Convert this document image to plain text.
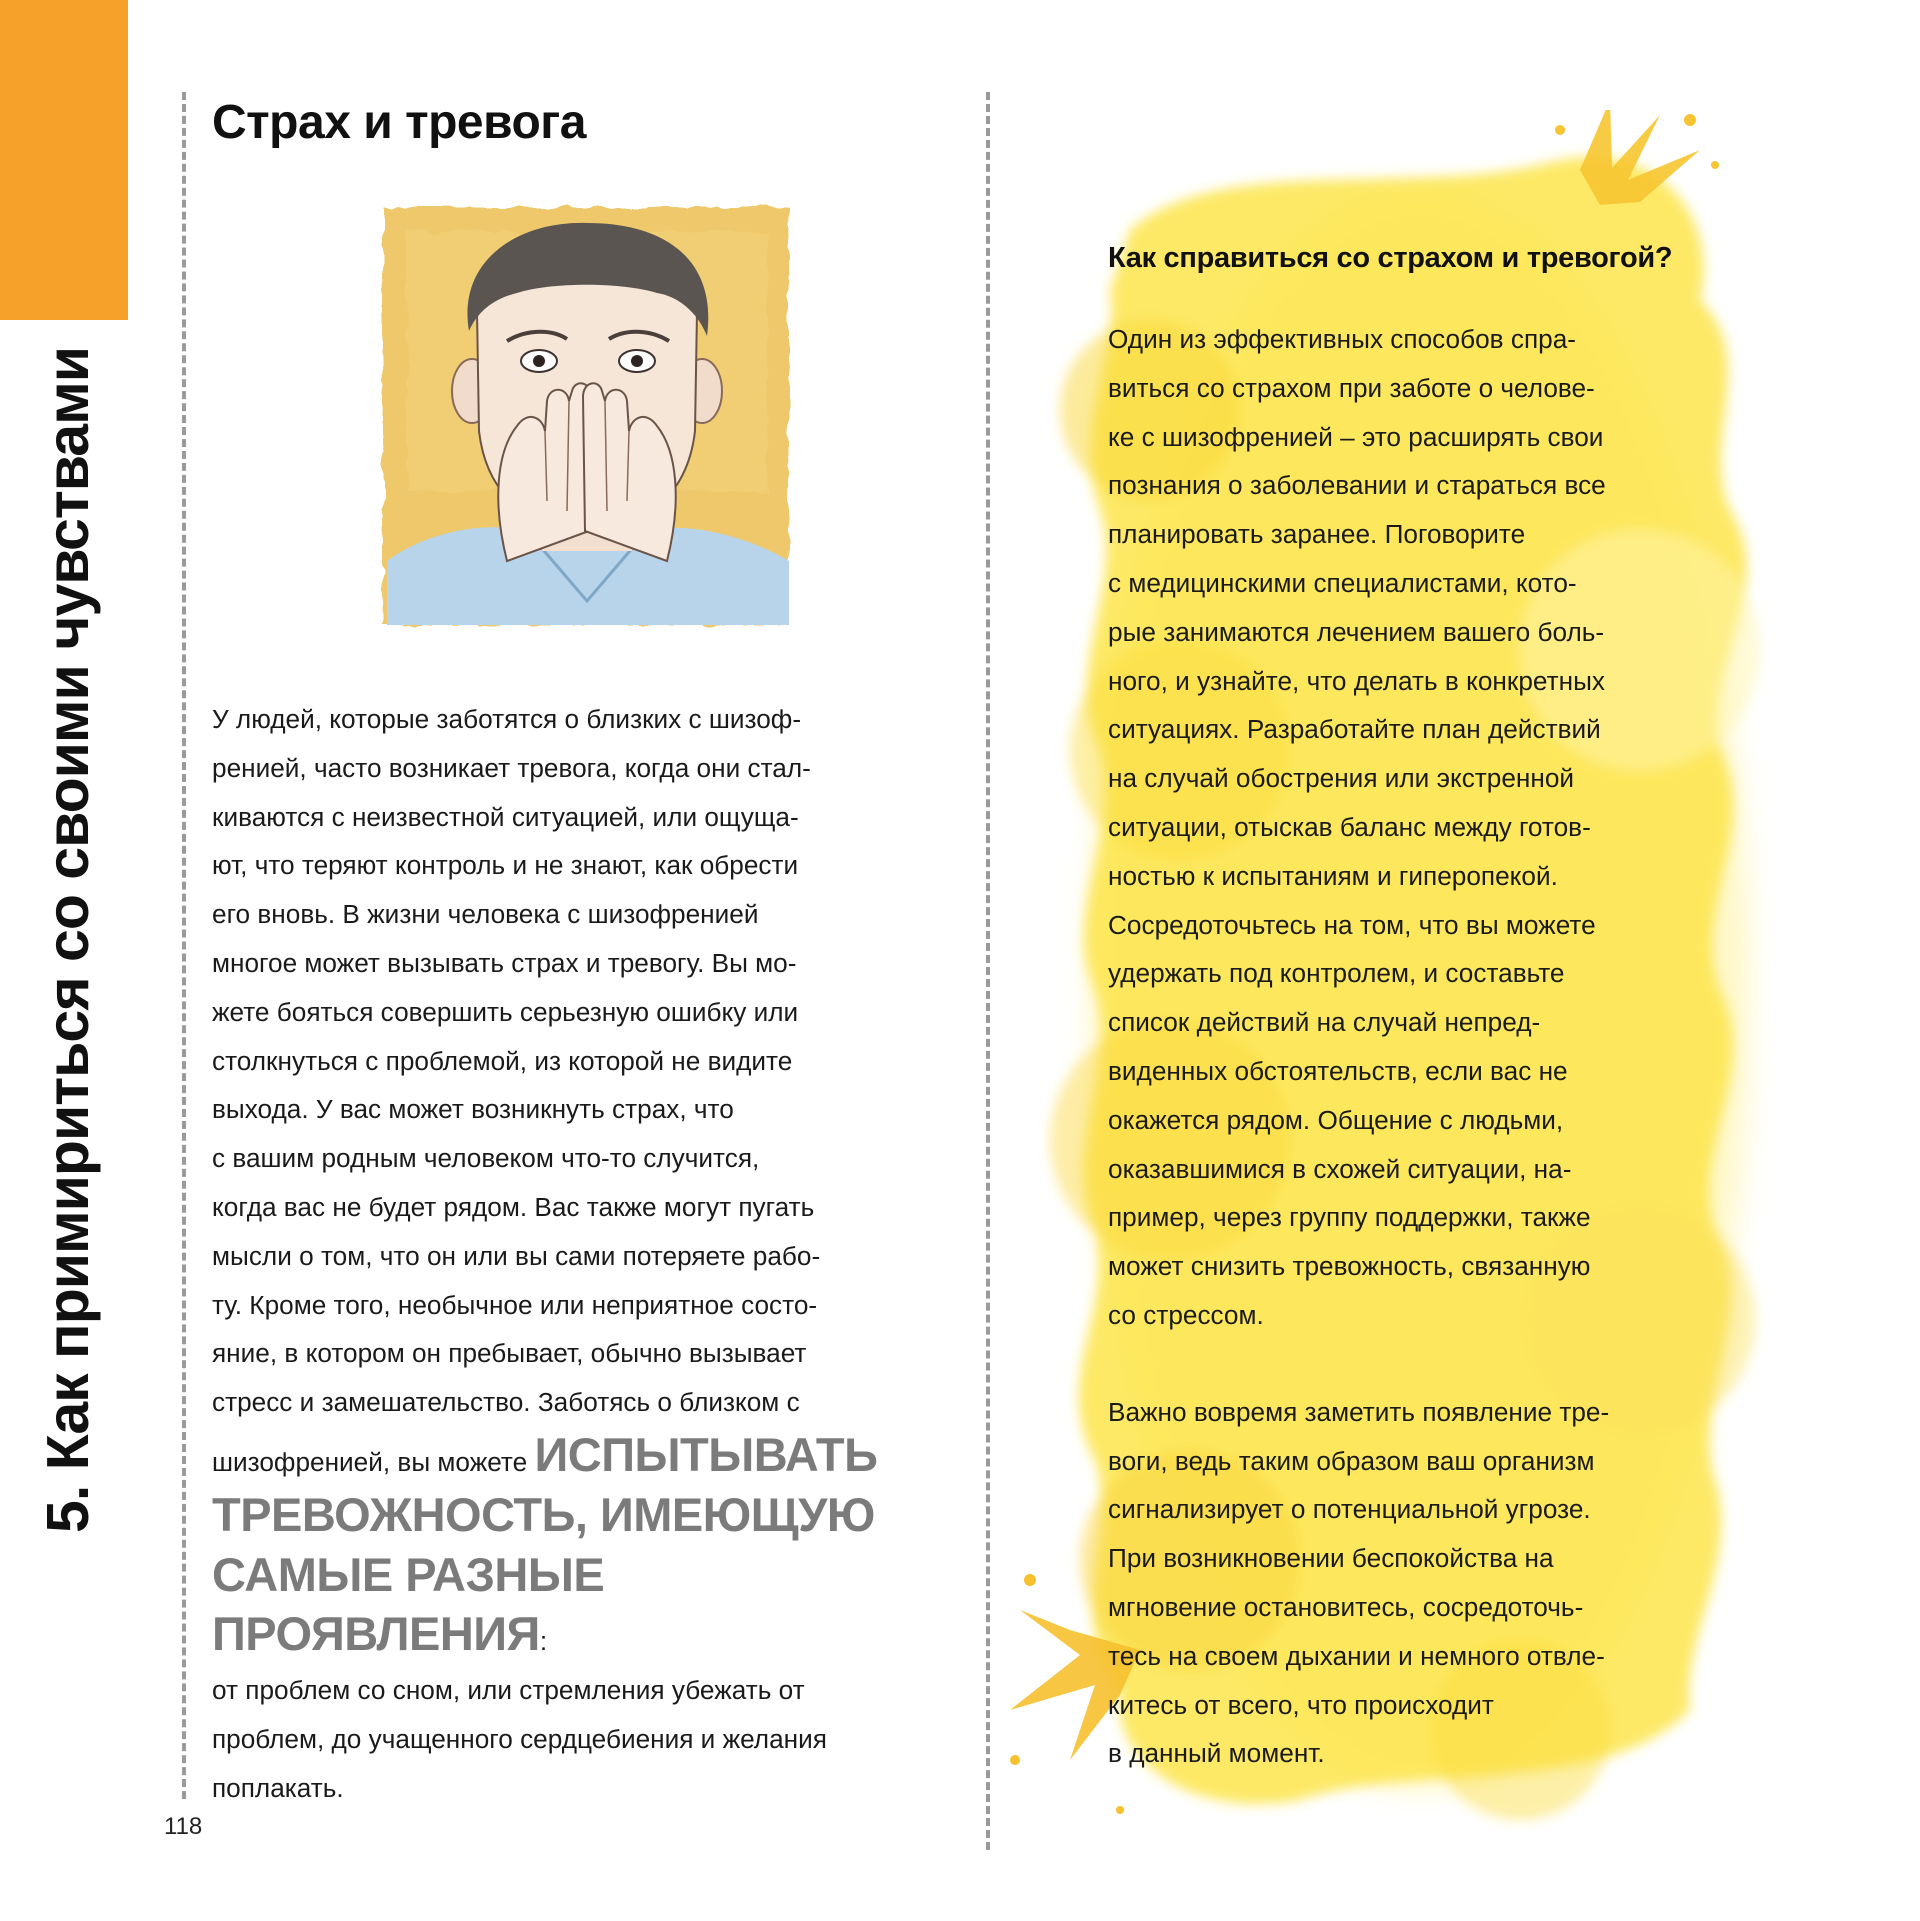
5. Как примириться со своими чувствами
118
Страх и тревога
У людей, которые заботятся о близких с шизоф-
ренией, часто возникает тревога, когда они стал-
киваются с неизвестной ситуацией, или ощуща-
ют, что теряют контроль и не знают, как обрести
его вновь. В жизни человека с шизофренией
многое может вызывать страх и тревогу. Вы мо-
жете бояться совершить серьезную ошибку или
столкнуться с проблемой, из которой не видите
выхода. У вас может возникнуть страх, что
с вашим родным человеком что-то случится,
когда вас не будет рядом. Вас также могут пугать
мысли о том, что он или вы сами потеряете рабо-
ту. Кроме того, необычное или неприятное состо-
яние, в котором он пребывает, обычно вызывает
стресс и замешательство. Заботясь о близком с
шизофренией, вы можете ИСПЫТЫВАТЬ ТРЕВОЖНОСТЬ, ИМЕЮЩУЮ САМЫЕ РАЗНЫЕ ПРОЯВЛЕНИЯ:
от проблем со сном, или стремления убежать от
проблем, до учащенного сердцебиения и желания
поплакать.
Как справиться со страхом и тревогой?

Один из эффективных способов спра-
виться со страхом при заботе о челове-
ке с шизофренией – это расширять свои
познания о заболевании и стараться все
планировать заранее. Поговорите
с медицинскими специалистами, кото-
рые занимаются лечением вашего боль-
ного, и узнайте, что делать в конкретных
ситуациях. Разработайте план действий
на случай обострения или экстренной
ситуации, отыскав баланс между готов-
ностью к испытаниям и гиперопекой.
Сосредоточьтесь на том, что вы можете
удержать под контролем, и составьте
список действий на случай непред-
виденных обстоятельств, если вас не
окажется рядом. Общение с людьми,
оказавшимися в схожей ситуации, на-
пример, через группу поддержки, также
может снизить тревожность, связанную
со стрессом.

Важно вовремя заметить появление тре-
воги, ведь таким образом ваш организм
сигнализирует о потенциальной угрозе.
При возникновении беспокойства на
мгновение остановитесь, сосредоточь-
тесь на своем дыхании и немного отвле-
китесь от всего, что происходит
в данный момент.
